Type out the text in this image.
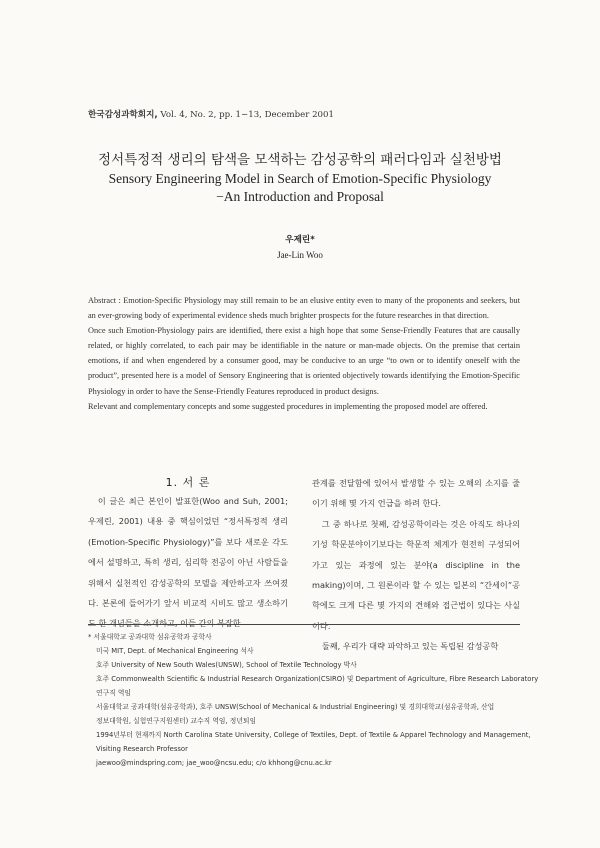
한국감성과학회지, Vol. 4, No. 2, pp. 1−13, December 2001
정서특정적 생리의 탐색을 모색하는 감성공학의 패러다임과 실천방법
Sensory Engineering Model in Search of Emotion-Specific Physiology
−An Introduction and Proposal
우제린*
Jae-Lin Woo

Abstract : Emotion-Specific Physiology may still remain to be an elusive entity even to many of the proponents and seekers, but an ever-growing body of experimental evidence sheds much brighter prospects for the future researches in that direction.

Once such Emotion-Physiology pairs are identified, there exist a high hope that some Sense-Friendly Features that are causally related, or highly correlated, to each pair may be identifiable in the nature or man-made objects. On the premise that certain emotions, if and when engendered by a consumer good, may be conducive to an urge “to own or to identify oneself with the product”, presented here is a model of Sensory Engineering that is oriented objectively towards identifying the Emotion-Specific Physiology in order to have the Sense-Friendly Features reproduced in product designs.

Relevant and complementary concepts and some suggested procedures in implementing the proposed model are offered.

1. 서 론

이 글은 최근 본인이 발표한(Woo and Suh, 2001; 우제린, 2001) 내용 중 핵심이었던 “정서특정적 생리 (Emotion-Specific Physiology)”를 보다 새로운 각도에서 설명하고, 특히 생리, 심리학 전공이 아닌 사람들을 위해서 실천적인 감성공학의 모델을 제안하고자 쓰여졌다. 본론에 들어가기 앞서 비교적 시비도 많고 생소하기도 한 개념들을 소개하고, 이들 간의 복잡한

관계를 전달함에 있어서 발생할 수 있는 오해의 소지를 줄이기 위해 몇 가지 언급을 하려 한다.

그 중 하나로 첫째, 감성공학이라는 것은 아직도 하나의 기성 학문분야이기보다는 학문적 체계가 현전히 구성되어 가고 있는 과정에 있는 분야(a discipline in the making)이며, 그 원론이라 할 수 있는 일본의 “간세이”공학에도 크게 다른 몇 가지의 견해와 접근법이 있다는 사실이다.

둘째, 우리가 대략 파악하고 있는 독립된 감성공학

* 서울대학교 공과대학 섬유공학과 공학사
미국 MIT, Dept. of Mechanical Engineering 석사
호주 University of New South Wales(UNSW), School of Textile Technology 박사
호주 Commonwealth Scientific & Industrial Research Organization(CSIRO) 및 Department of Agriculture, Fibre Research Laboratory
연구직 역임
서울대학교 공과대학(섬유공학과), 호주 UNSW(School of Mechanical & Industrial Engineering) 및 경희대학교(섬유공학과, 산업
정보대학원, 실험연구지원센터) 교수직 역임, 정년퇴임
1994년부터 현재까지 North Carolina State University, College of Textiles, Dept. of Textile & Apparel Technology and Management,
Visiting Research Professor
jaewoo@mindspring.com; jae_woo@ncsu.edu; c/o khhong@cnu.ac.kr
